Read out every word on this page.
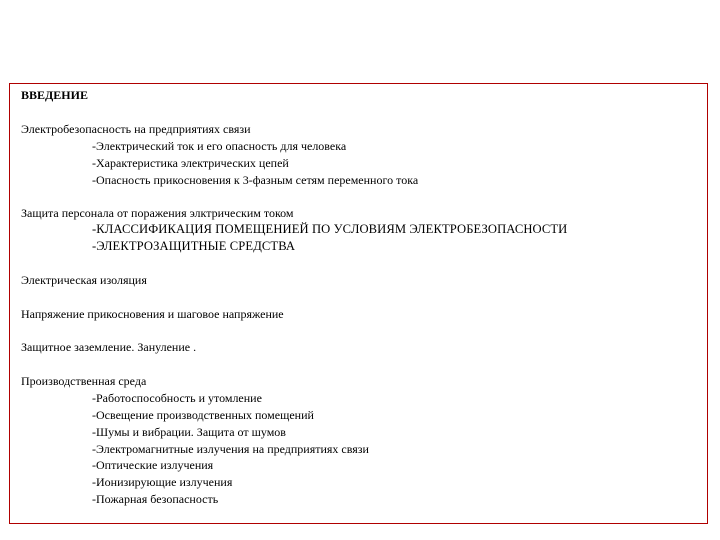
ВВЕДЕНИЕ
Электробезопасность на предприятиях связи
-Электрический ток и его опасность для человека
-Характеристика электрических цепей
-Опасность прикосновения к 3-фазным сетям переменного тока
Защита персонала от поражения элктрическим током
-КЛАССИФИКАЦИЯ ПОМЕЩЕНИЕЙ ПО УСЛОВИЯМ ЭЛЕКТРОБЕЗОПАСНОСТИ
-ЭЛЕКТРОЗАЩИТНЫЕ СРЕДСТВА
Электрическая изоляция
Напряжение прикосновения и шаговое напряжение
Защитное заземление. Зануление .
Производственная среда
-Работоспособность и утомление
-Освещение производственных помещений
-Шумы и вибрации. Защита от шумов
-Электромагнитные излучения на предприятиях связи
-Оптические излучения
-Ионизирующие излучения
-Пожарная безопасность
